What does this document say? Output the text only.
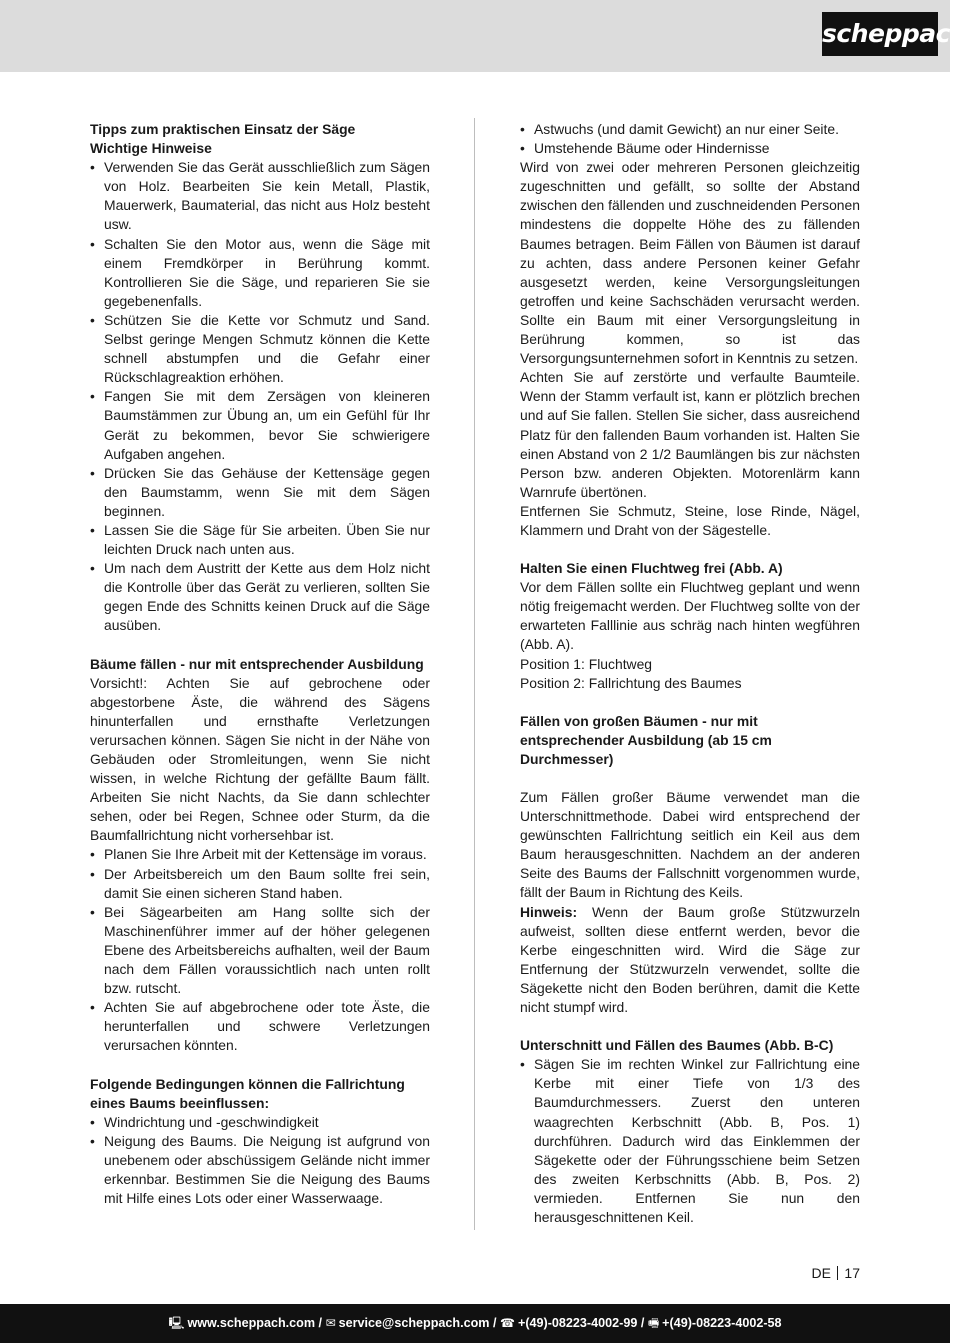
scheppach
Tipps zum praktischen Einsatz der Säge
Wichtige Hinweise
• Verwenden Sie das Gerät ausschließlich zum Sägen von Holz. Bearbeiten Sie kein Metall, Plastik, Mauerwerk, Baumaterial, das nicht aus Holz besteht usw.
• Schalten Sie den Motor aus, wenn die Säge mit einem Fremdkörper in Berührung kommt. Kontrollieren Sie die Säge, und reparieren Sie sie gegebenenfalls.
• Schützen Sie die Kette vor Schmutz und Sand. Selbst geringe Mengen Schmutz können die Kette schnell abstumpfen und die Gefahr einer Rückschlagreaktion erhöhen.
• Fangen Sie mit dem Zersägen von kleineren Baumstämmen zur Übung an, um ein Gefühl für Ihr Gerät zu bekommen, bevor Sie schwierigere Aufgaben angehen.
• Drücken Sie das Gehäuse der Kettensäge gegen den Baumstamm, wenn Sie mit dem Sägen beginnen.
• Lassen Sie die Säge für Sie arbeiten. Üben Sie nur leichten Druck nach unten aus.
• Um nach dem Austritt der Kette aus dem Holz nicht die Kontrolle über das Gerät zu verlieren, sollten Sie gegen Ende des Schnitts keinen Druck auf die Säge ausüben.
Bäume fällen - nur mit entsprechender Ausbildung

Vorsicht!: Achten Sie auf gebrochene oder abgestorbene Äste, die während des Sägens hinunterfallen und ernsthafte Verletzungen verursachen können. Sägen Sie nicht in der Nähe von Gebäuden oder Stromleitungen, wenn Sie nicht wissen, in welche Richtung der gefällte Baum fällt. Arbeiten Sie nicht Nachts, da Sie dann schlechter sehen, oder bei Regen, Schnee oder Sturm, da die Baumfallrichtung nicht vorhersehbar ist.

• Planen Sie Ihre Arbeit mit der Kettensäge im voraus.
• Der Arbeitsbereich um den Baum sollte frei sein, damit Sie einen sicheren Stand haben.
• Bei Sägearbeiten am Hang sollte sich der Maschinenführer immer auf der höher gelegenen Ebene des Arbeitsbereichs aufhalten, weil der Baum nach dem Fällen voraussichtlich nach unten rollt bzw. rutscht.
• Achten Sie auf abgebrochene oder tote Äste, die herunterfallen und schwere Verletzungen verursachen könnten.
Folgende Bedingungen können die Fallrichtung eines Baums beeinflussen:
• Windrichtung und -geschwindigkeit
• Neigung des Baums. Die Neigung ist aufgrund von unebenem oder abschüssigem Gelände nicht immer erkennbar. Bestimmen Sie die Neigung des Baums mit Hilfe eines Lots oder einer Wasserwaage.
• Astwuchs (und damit Gewicht) an nur einer Seite.
• Umstehende Bäume oder Hindernisse

Wird von zwei oder mehreren Personen gleichzeitig zugeschnitten und gefällt, so sollte der Abstand zwischen den fällenden und zuschneidenden Personen mindestens die doppelte Höhe des zu fällenden Baumes betragen. Beim Fällen von Bäumen ist darauf zu achten, dass andere Personen keiner Gefahr ausgesetzt werden, keine Versorgungsleitungen getroffen und keine Sachschäden verursacht werden. Sollte ein Baum mit einer Versorgungsleitung in Berührung kommen, so ist das Versorgungsunternehmen sofort in Kenntnis zu setzen.

Achten Sie auf zerstörte und verfaulte Baumteile. Wenn der Stamm verfault ist, kann er plötzlich brechen und auf Sie fallen. Stellen Sie sicher, dass ausreichend Platz für den fallenden Baum vorhanden ist. Halten Sie einen Abstand von 2 1/2 Baumlängen bis zur nächsten Person bzw. anderen Objekten. Motorenlärm kann Warnrufe übertönen.

Entfernen Sie Schmutz, Steine, lose Rinde, Nägel, Klammern und Draht von der Sägestelle.

Halten Sie einen Fluchtweg frei (Abb. A)

Vor dem Fällen sollte ein Fluchtweg geplant und wenn nötig freigemacht werden. Der Fluchtweg sollte von der erwarteten Falllinie aus schräg nach hinten wegführen (Abb. A).

Position 1: Fluchtweg

Position 2: Fallrichtung des Baumes

Fällen von großen Bäumen - nur mit entsprechender Ausbildung (ab 15 cm Durchmesser)

Zum Fällen großer Bäume verwendet man die Unterschnittmethode. Dabei wird entsprechend der gewünschten Fallrichtung seitlich ein Keil aus dem Baum herausgeschnitten. Nachdem an der anderen Seite des Baums der Fallschnitt vorgenommen wurde, fällt der Baum in Richtung des Keils.

Hinweis: Wenn der Baum große Stützwurzeln aufweist, sollten diese entfernt werden, bevor die Kerbe eingeschnitten wird. Wird die Säge zur Entfernung der Stützwurzeln verwendet, sollte die Sägekette nicht den Boden berühren, damit die Kette nicht stumpf wird.

Unterschnitt und Fällen des Baumes (Abb. B-C)
• Sägen Sie im rechten Winkel zur Fallrichtung eine Kerbe mit einer Tiefe von 1/3 des Baumdurchmessers. Zuerst den unteren waagrechten Kerbschnitt (Abb. B, Pos. 1) durchführen. Dadurch wird das Einklemmen der Sägekette oder der Führungsschiene beim Setzen des zweiten Kerbschnitts (Abb. B, Pos. 2) vermieden. Entfernen Sie nun den herausgeschnittenen Keil.
DE 17
🖳 www.scheppach.com / ✉ service@scheppach.com / ☎ +(49)-08223-4002-99 / 🖷 +(49)-08223-4002-58
